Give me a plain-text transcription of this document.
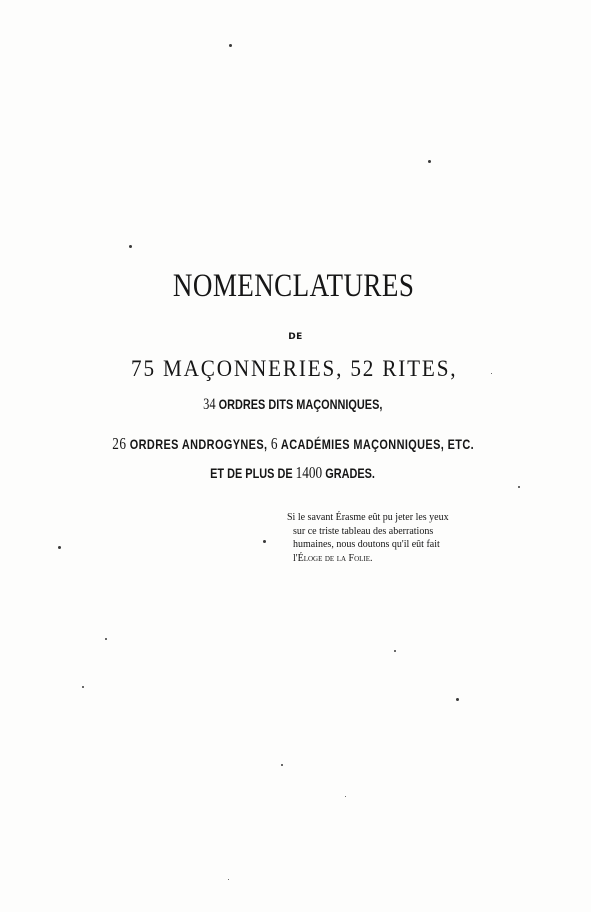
NOMENCLATURES
DE
75 MAÇONNERIES, 52 RITES,
34 ORDRES DITS MAÇONNIQUES,
26 ORDRES ANDROGYNES, 6 ACADÉMIES MAÇONNIQUES, ETC.
ET DE PLUS DE 1400 GRADES.
Si le savant Érasme eût pu jeter les yeux
sur ce triste tableau des aberrations
humaines, nous doutons qu'il eût fait
l'Éloge de la Folie.
